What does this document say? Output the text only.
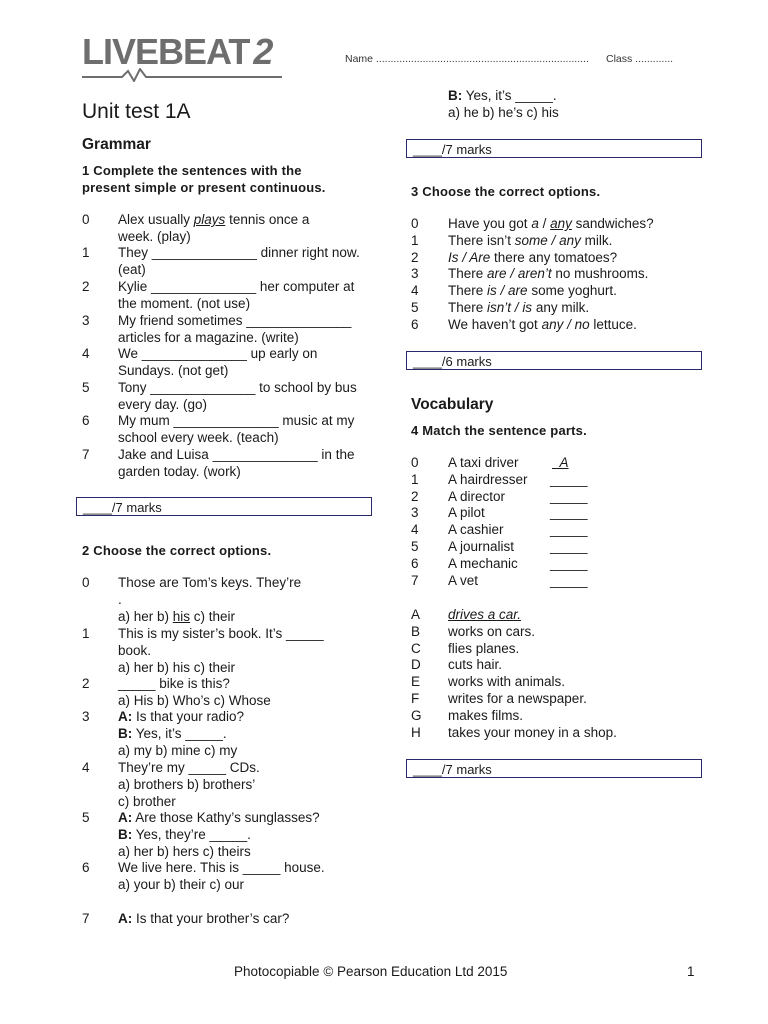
LIVEBEAT 2	Name ......................................................................... Class .............
Unit test 1A
Grammar

1 Complete the sentences with the
present simple or present continuous.

0	Alex usually plays tennis once a
week. (play)
1	They ______________ dinner right now.
(eat)
2	Kylie ______________ her computer at
the moment. (not use)
3	My friend sometimes ______________
articles for a magazine. (write)
4	We ______________ up early on
Sundays. (not get)
5	Tony ______________ to school by bus
every day. (go)
6	My mum ______________ music at my
school every week. (teach)
7	Jake and Luisa ______________ in the
garden today. (work)
____/7 marks

2 Choose the correct options.

0	Those are Tom’s keys. They’re
.
a) her b) his c) their
1	This is my sister’s book. It’s _____
book.
a) her b) his c) their
2	_____ bike is this?
a) His b) Who’s c) Whose
3	A: Is that your radio?
B: Yes, it’s _____.
a) my b) mine c) my
4	They’re my _____ CDs.
a) brothers b) brothers’
c) brother
5	A: Are those Kathy’s sunglasses?
B: Yes, they’re _____.
a) her b) hers c) theirs
6	We live here. This is _____ house.
a) your b) their c) our
7	A: Is that your brother’s car?
B: Yes, it’s _____.
a) he b) he’s c) his
____/7 marks

3 Choose the correct options.

0	Have you got a / any sandwiches?
1	There isn’t some / any milk.
2	Is / Are there any tomatoes?
3	There are / aren’t no mushrooms.
4	There is / are some yoghurt.
5	There isn’t / is any milk.
6	We haven’t got any / no lettuce.
____/6 marks
Vocabulary

4 Match the sentence parts.

0	A taxi driver A
1	A hairdresser _____
2	A director	_____
3	A pilot	_____
4	A cashier	_____
5	A journalist	_____
6	A mechanic _____
7	A vet	_____
A	drives a car.
B	works on cars.
C	flies planes.
D	cuts hair.
E	works with animals.
F	writes for a newspaper.
G	makes films.
H	takes your money in a shop.
____/7 marks
Photocopiable © Pearson Education Ltd 2015	1
